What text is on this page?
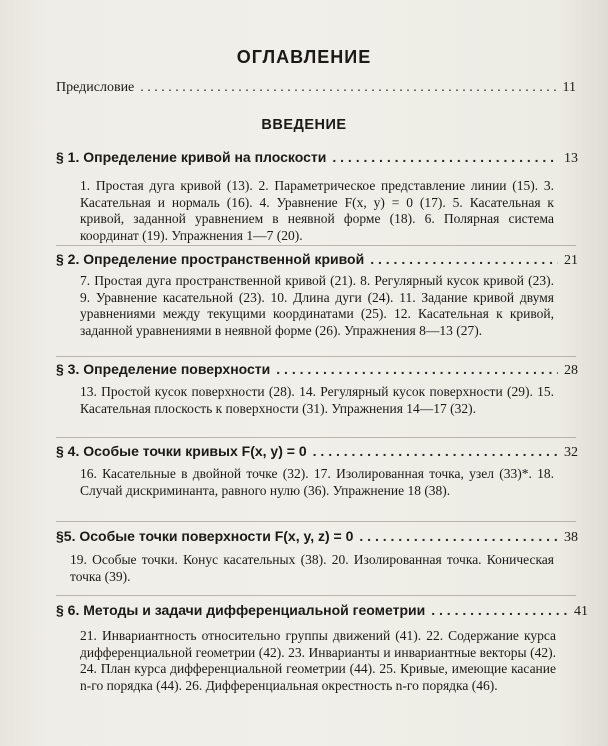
ОГЛАВЛЕНИЕ
Предисловие . . .	11
ВВЕДЕНИЕ
§ 1. Определение кривой на плоскости . . .	13
1. Простая дуга кривой (13). 2. Параметрическое представление линии (15). 3. Касательная и нормаль (16). 4. Уравнение F(x, y) = 0 (17). 5. Касательная к кривой, заданной уравнением в неявной форме (18). 6. Полярная система координат (19). Упражнения 1—7 (20).
§ 2. Определение пространственной кривой . . .	21
7. Простая дуга пространственной кривой (21). 8. Регулярный кусок кривой (23). 9. Уравнение касательной (23). 10. Длина дуги (24). 11. Задание кривой двумя уравнениями между текущими координатами (25). 12. Касательная к кривой, заданной уравнениями в неявной форме (26). Упражнения 8—13 (27).
§ 3. Определение поверхности . . .	28
13. Простой кусок поверхности (28). 14. Регулярный кусок поверхности (29). 15. Касательная плоскость к поверхности (31). Упражнения 14—17 (32).
§ 4. Особые точки кривых F(x, y) = 0 . . .	32
16. Касательные в двойной точке (32). 17. Изолированная точка, узел (33)*. 18. Случай дискриминанта, равного нулю (36). Упражнение 18 (38).
§5. Особые точки поверхности F(x, y, z) = 0 . . .	38
19. Особые точки. Конус касательных (38). 20. Изолированная точка. Коническая точка (39).
§ 6. Методы и задачи дифференциальной геометрии . . .	41
21. Инвариантность относительно группы движений (41). 22. Содержание курса дифференциальной геометрии (42). 23. Инварианты и инвариантные векторы (42). 24. План курса дифференциальной геометрии (44). 25. Кривые, имеющие касание n-го порядка (44). 26. Дифференциальная окрестность n-го порядка (46).
